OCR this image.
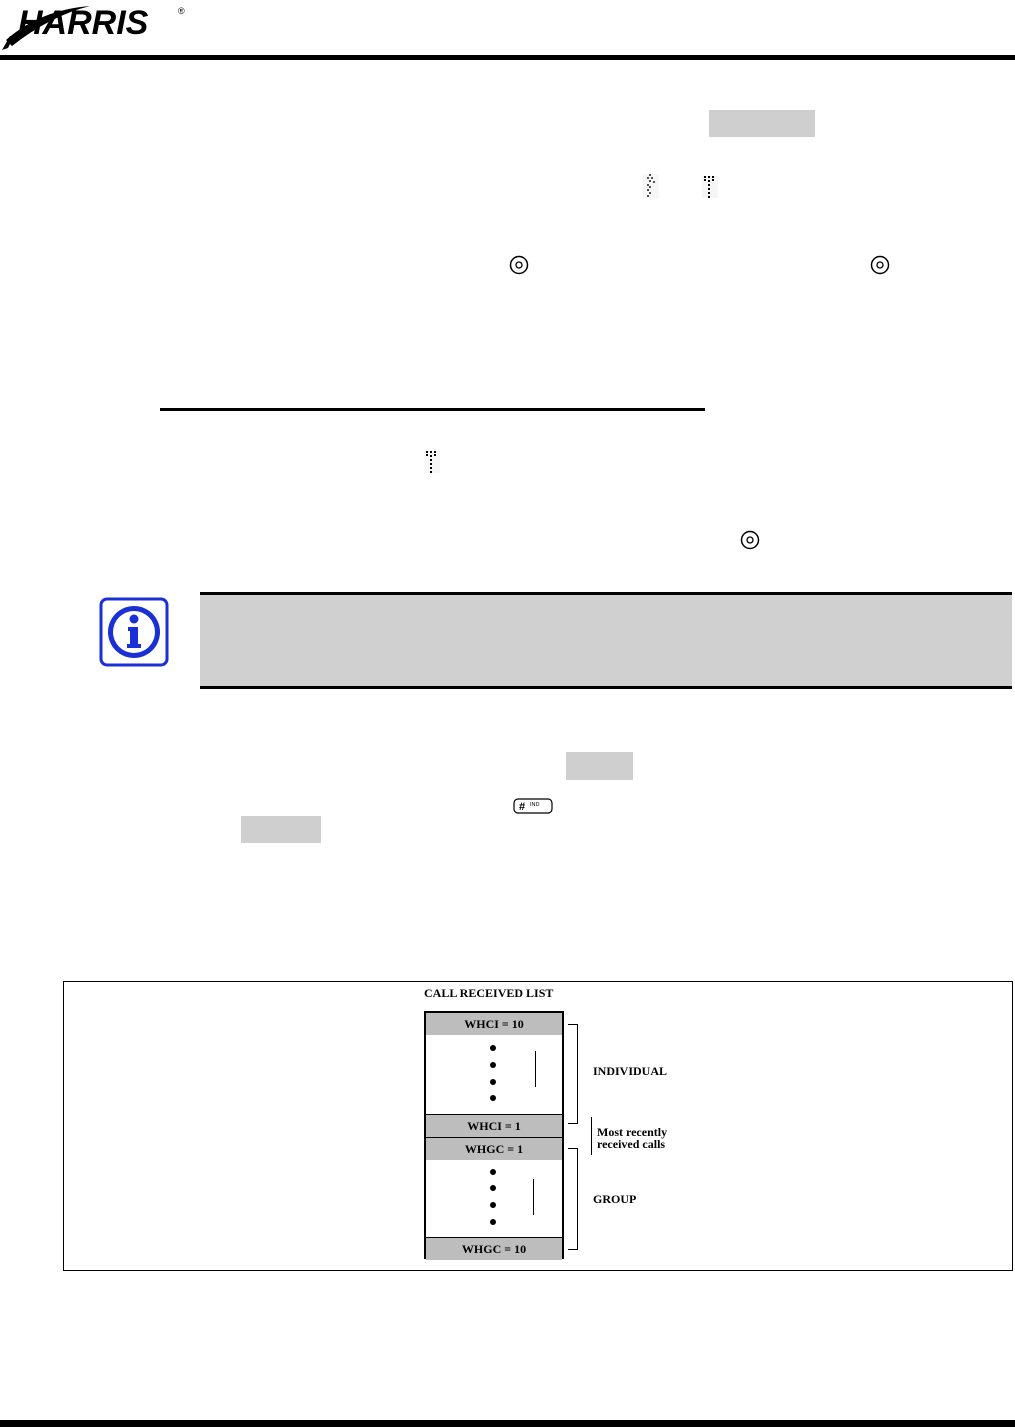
HARRIS	®
# IND
CALL RECEIVED LIST
WHCI = 10
WHCI = 1
WHGC = 1
WHGC = 10
INDIVIDUAL
Most recently
received calls
GROUP
